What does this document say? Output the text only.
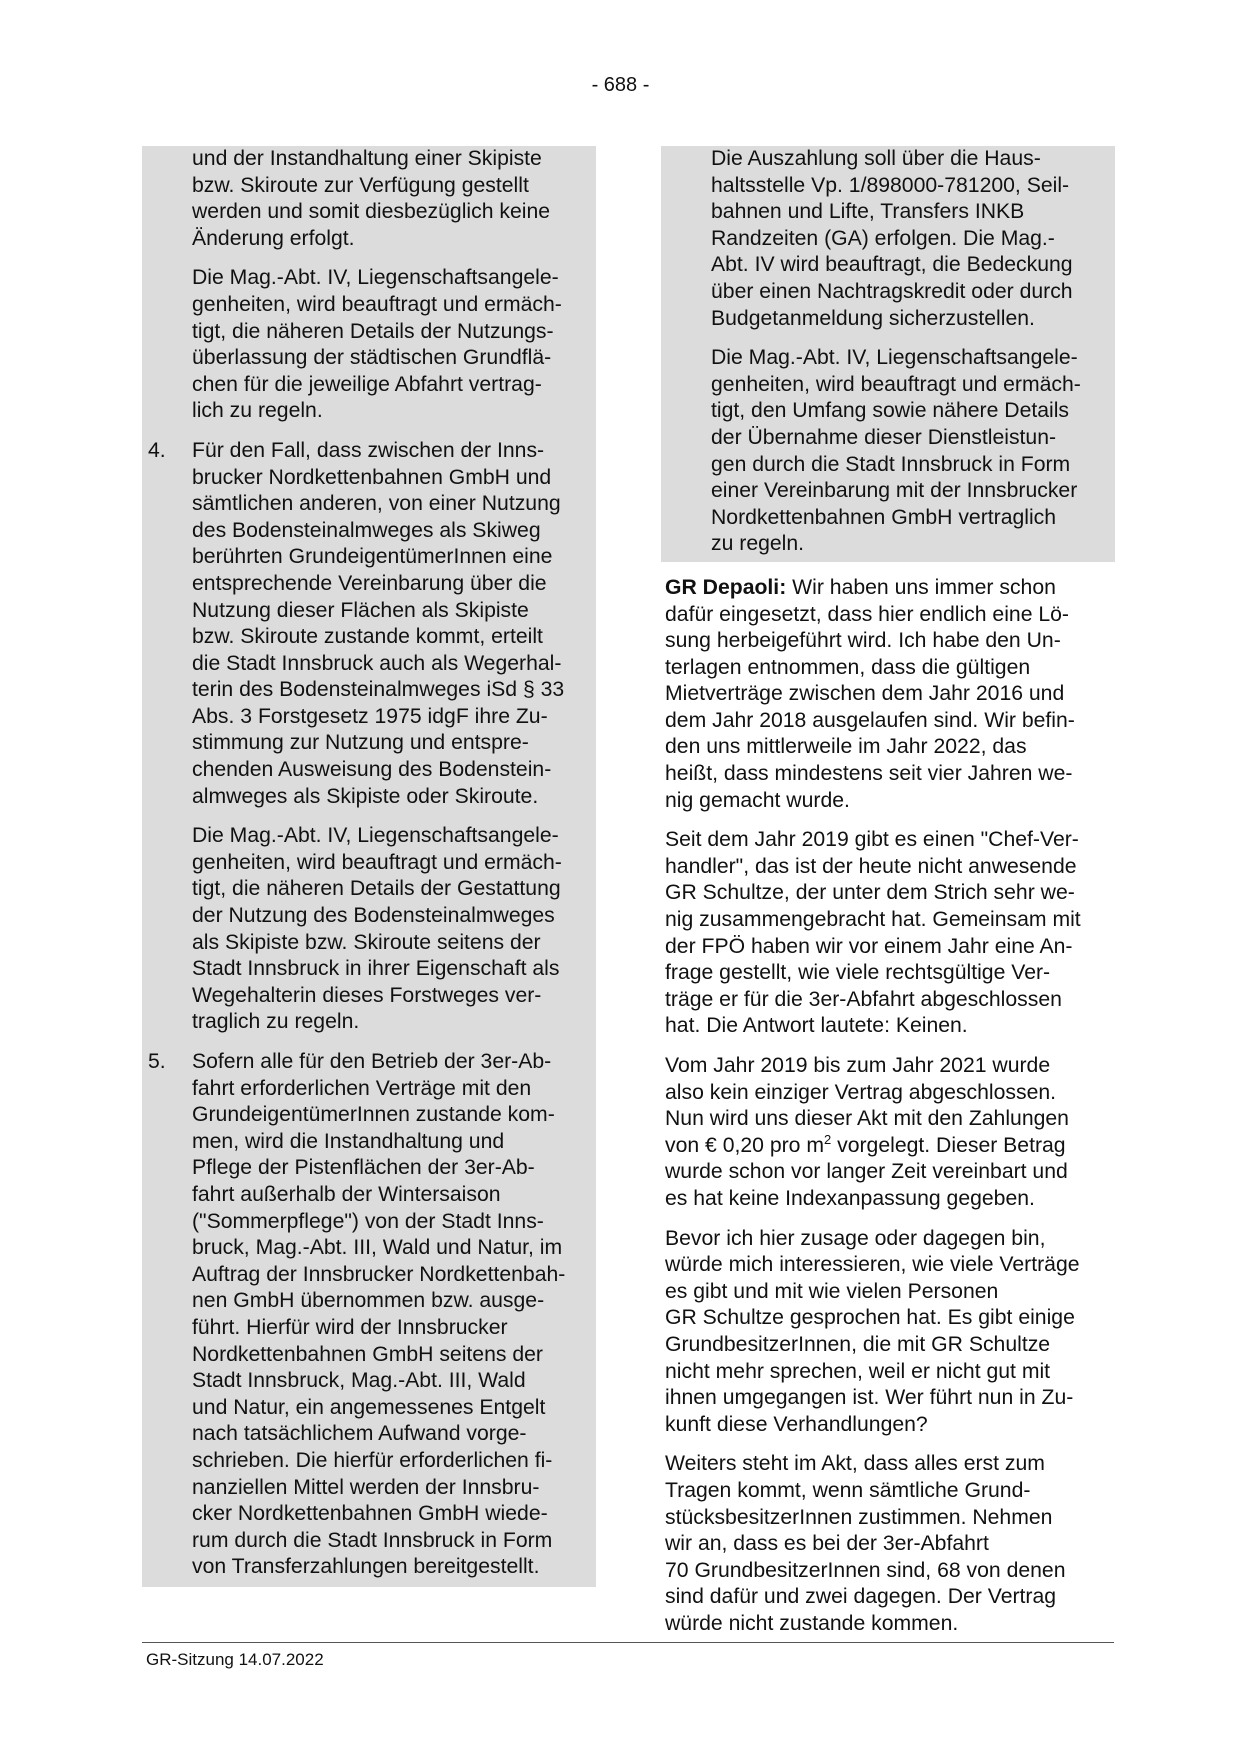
- 688 -

und der Instandhaltung einer Skipiste

bzw. Skiroute zur Verfügung gestellt

werden und somit diesbezüglich keine

Änderung erfolgt.

Die Mag.-Abt. IV, Liegenschaftsangele-

genheiten, wird beauftragt und ermäch-

tigt, die näheren Details der Nutzungs-

überlassung der städtischen Grundflä-

chen für die jeweilige Abfahrt vertrag-

lich zu regeln.

4. Für den Fall, dass zwischen der Inns-

brucker Nordkettenbahnen GmbH und

sämtlichen anderen, von einer Nutzung

des Bodensteinalmweges als Skiweg

berührten GrundeigentümerInnen eine

entsprechende Vereinbarung über die

Nutzung dieser Flächen als Skipiste

bzw. Skiroute zustande kommt, erteilt

die Stadt Innsbruck auch als Wegerhal-

terin des Bodensteinalmweges iSd § 33

Abs. 3 Forstgesetz 1975 idgF ihre Zu-

stimmung zur Nutzung und entspre-

chenden Ausweisung des Bodenstein-

almweges als Skipiste oder Skiroute.

Die Mag.-Abt. IV, Liegenschaftsangele-

genheiten, wird beauftragt und ermäch-

tigt, die näheren Details der Gestattung

der Nutzung des Bodensteinalmweges

als Skipiste bzw. Skiroute seitens der

Stadt Innsbruck in ihrer Eigenschaft als

Wegehalterin dieses Forstweges ver-

traglich zu regeln.

5. Sofern alle für den Betrieb der 3er-Ab-

fahrt erforderlichen Verträge mit den

GrundeigentümerInnen zustande kom-

men, wird die Instandhaltung und

Pflege der Pistenflächen der 3er-Ab-

fahrt außerhalb der Wintersaison

("Sommerpflege") von der Stadt Inns-

bruck, Mag.-Abt. III, Wald und Natur, im

Auftrag der Innsbrucker Nordkettenbah-

nen GmbH übernommen bzw. ausge-

führt. Hierfür wird der Innsbrucker

Nordkettenbahnen GmbH seitens der

Stadt Innsbruck, Mag.-Abt. III, Wald

und Natur, ein angemessenes Entgelt

nach tatsächlichem Aufwand vorge-

schrieben. Die hierfür erforderlichen fi-

nanziellen Mittel werden der Innsbru-

cker Nordkettenbahnen GmbH wiede-

rum durch die Stadt Innsbruck in Form

von Transferzahlungen bereitgestellt.

Die Auszahlung soll über die Haus-

haltsstelle Vp. 1/898000-781200, Seil-

bahnen und Lifte, Transfers INKB

Randzeiten (GA) erfolgen. Die Mag.-

Abt. IV wird beauftragt, die Bedeckung

über einen Nachtragskredit oder durch

Budgetanmeldung sicherzustellen.

Die Mag.-Abt. IV, Liegenschaftsangele-

genheiten, wird beauftragt und ermäch-

tigt, den Umfang sowie nähere Details

der Übernahme dieser Dienstleistun-

gen durch die Stadt Innsbruck in Form

einer Vereinbarung mit der Innsbrucker

Nordkettenbahnen GmbH vertraglich

zu regeln.

GR Depaoli: Wir haben uns immer schon

dafür eingesetzt, dass hier endlich eine Lö-

sung herbeigeführt wird. Ich habe den Un-

terlagen entnommen, dass die gültigen

Mietverträge zwischen dem Jahr 2016 und

dem Jahr 2018 ausgelaufen sind. Wir befin-

den uns mittlerweile im Jahr 2022, das

heißt, dass mindestens seit vier Jahren we-

nig gemacht wurde.

Seit dem Jahr 2019 gibt es einen "Chef-Ver-

handler", das ist der heute nicht anwesende

GR Schultze, der unter dem Strich sehr we-

nig zusammengebracht hat. Gemeinsam mit

der FPÖ haben wir vor einem Jahr eine An-

frage gestellt, wie viele rechtsgültige Ver-

träge er für die 3er-Abfahrt abgeschlossen

hat. Die Antwort lautete: Keinen.

Vom Jahr 2019 bis zum Jahr 2021 wurde

also kein einziger Vertrag abgeschlossen.

Nun wird uns dieser Akt mit den Zahlungen

von € 0,20 pro $m^2$ vorgelegt. Dieser Betrag

wurde schon vor langer Zeit vereinbart und

es hat keine Indexanpassung gegeben.

Bevor ich hier zusage oder dagegen bin,

würde mich interessieren, wie viele Verträge

es gibt und mit wie vielen Personen

GR Schultze gesprochen hat. Es gibt einige

GrundbesitzerInnen, die mit GR Schultze

nicht mehr sprechen, weil er nicht gut mit

ihnen umgegangen ist. Wer führt nun in Zu-

kunft diese Verhandlungen?

Weiters steht im Akt, dass alles erst zum

Tragen kommt, wenn sämtliche Grund-

stücksbesitzerInnen zustimmen. Nehmen

wir an, dass es bei der 3er-Abfahrt

70 GrundbesitzerInnen sind, 68 von denen

sind dafür und zwei dagegen. Der Vertrag

würde nicht zustande kommen.

GR-Sitzung 14.07.2022
